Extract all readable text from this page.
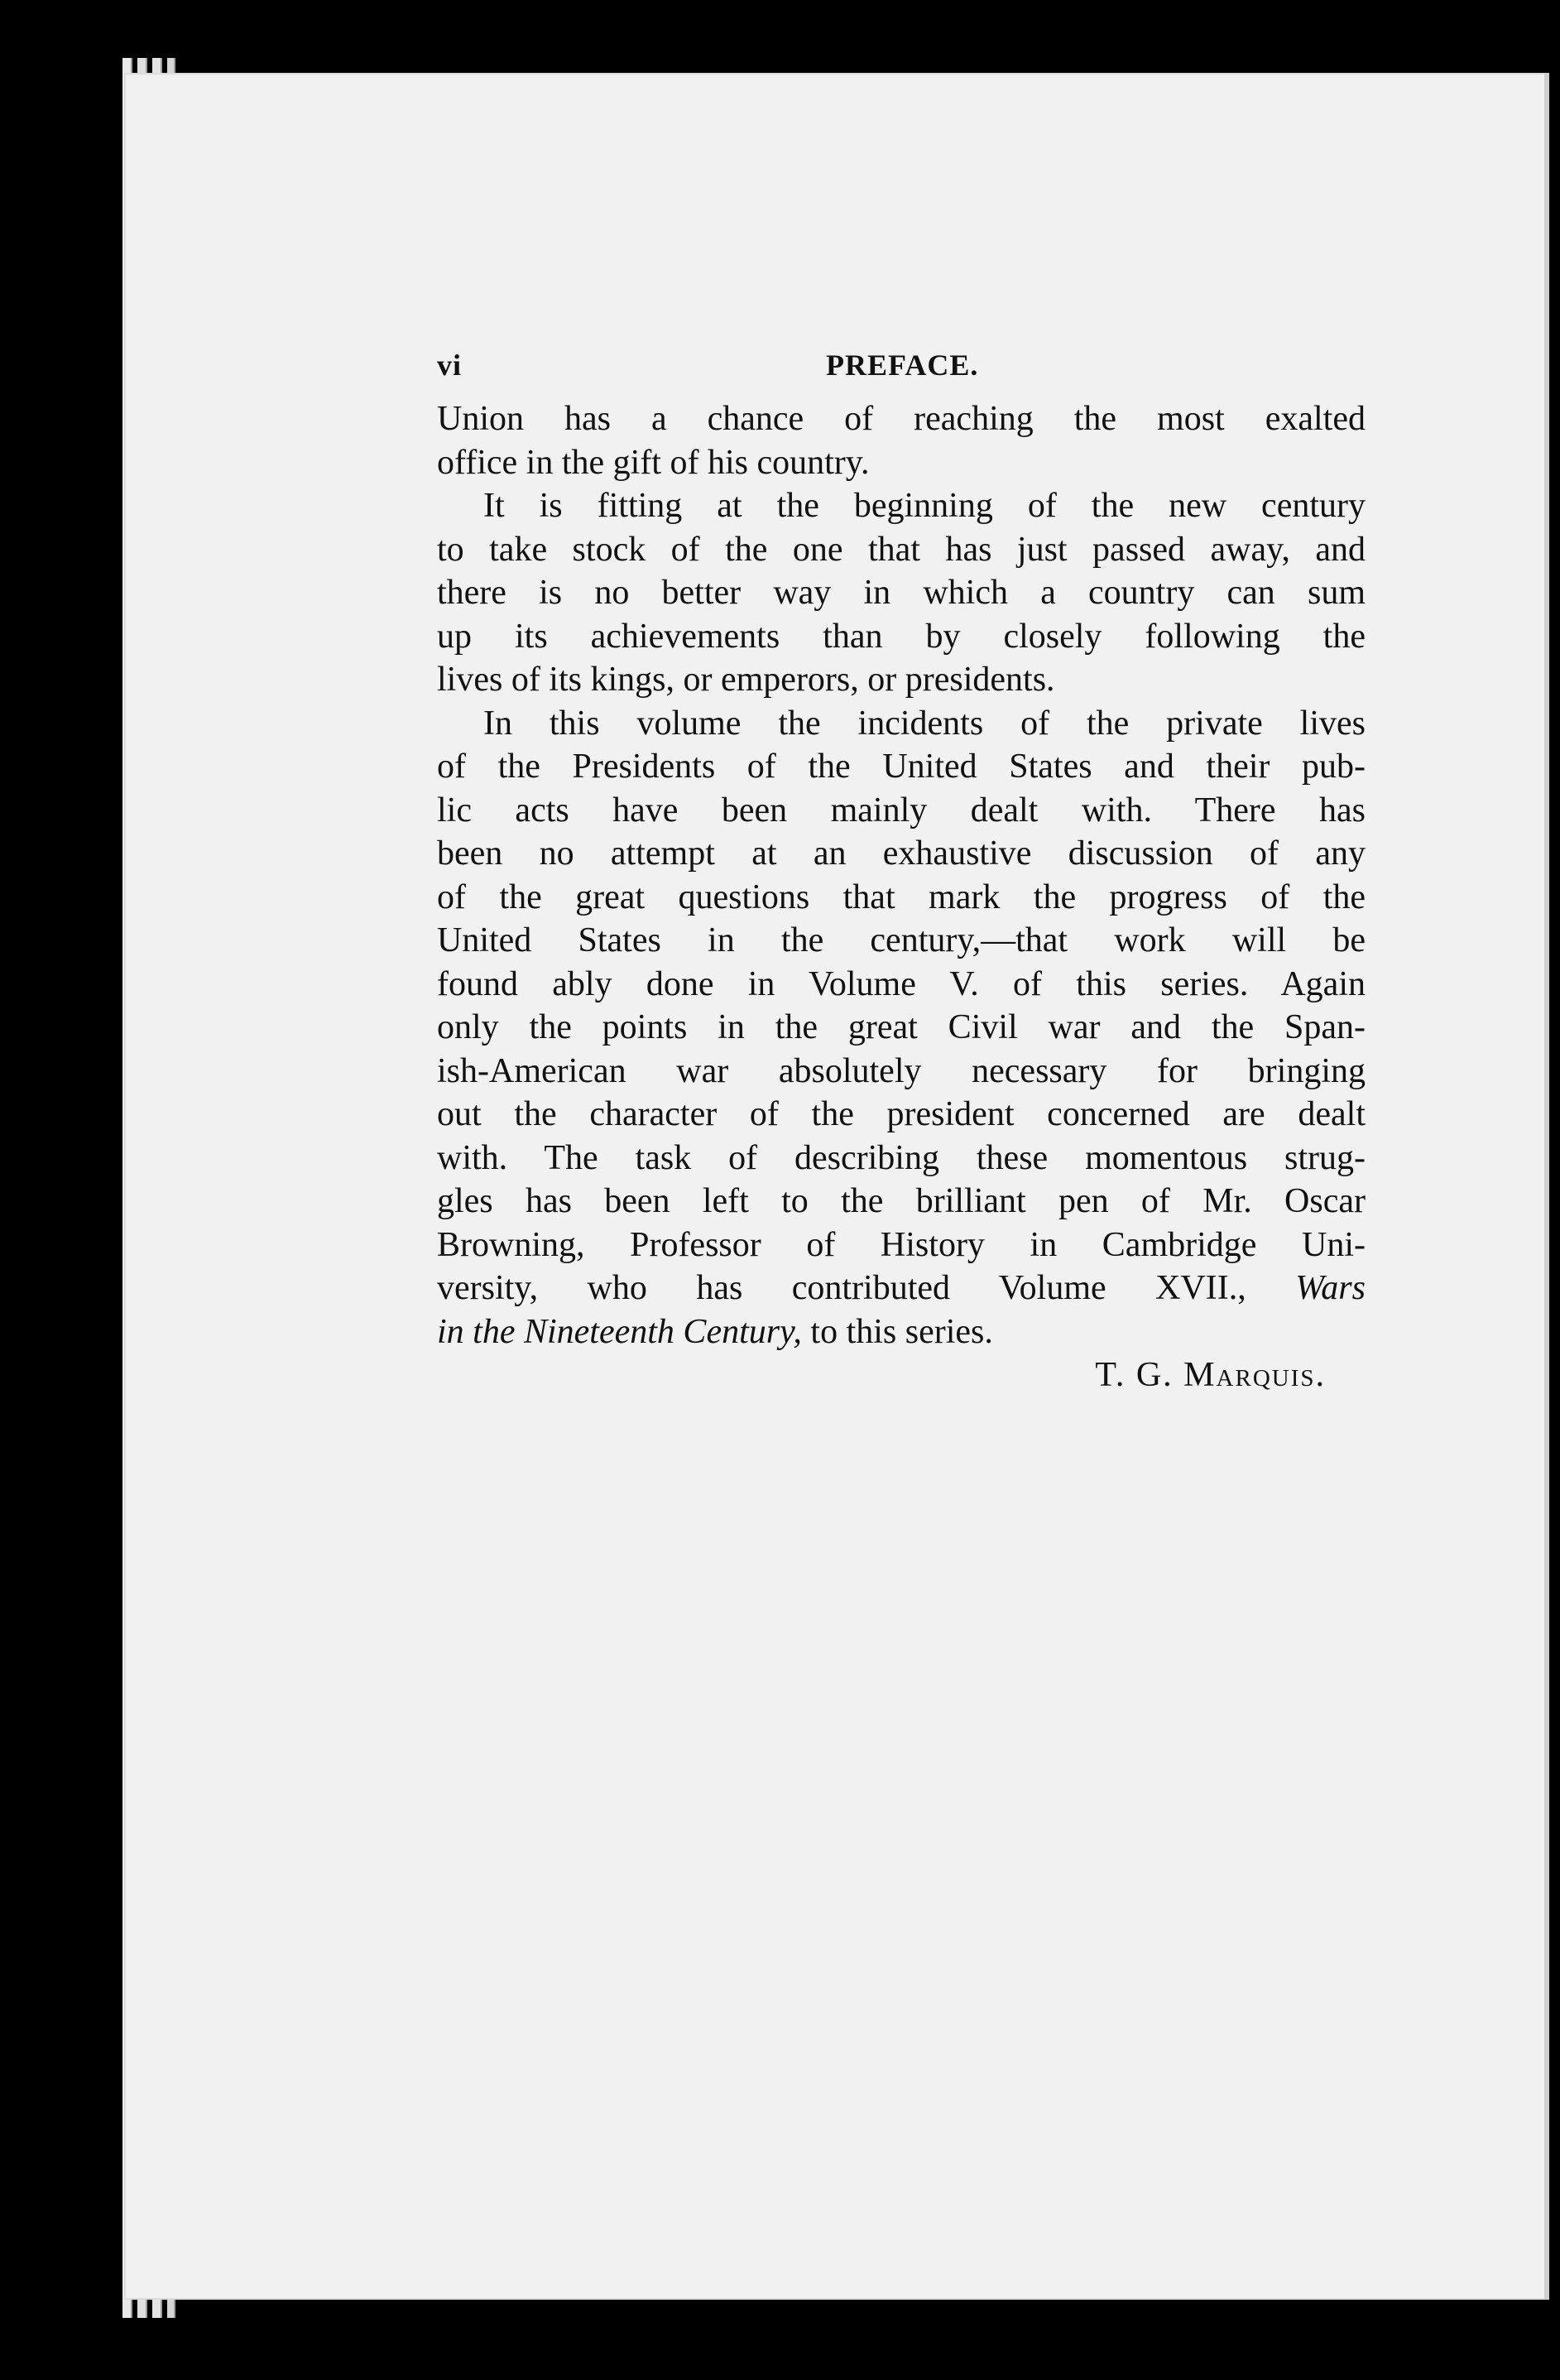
vi	PREFACE.

Union has a chance of reaching the most exalted
office in the gift of his country.

It is fitting at the beginning of the new century
to take stock of the one that has just passed away, and
there is no better way in which a country can sum
up its achievements than by closely following the
lives of its kings, or emperors, or presidents.

In this volume the incidents of the private lives
of the Presidents of the United States and their pub-
lic acts have been mainly dealt with. There has
been no attempt at an exhaustive discussion of any
of the great questions that mark the progress of the
United States in the century,—that work will be
found ably done in Volume V. of this series. Again
only the points in the great Civil war and the Span-
ish-American war absolutely necessary for bringing
out the character of the president concerned are dealt
with. The task of describing these momentous strug-
gles has been left to the brilliant pen of Mr. Oscar
Browning, Professor of History in Cambridge Uni-
versity, who has contributed Volume XVII., Wars
in the Nineteenth Century, to this series.

T. G. Marquis.
